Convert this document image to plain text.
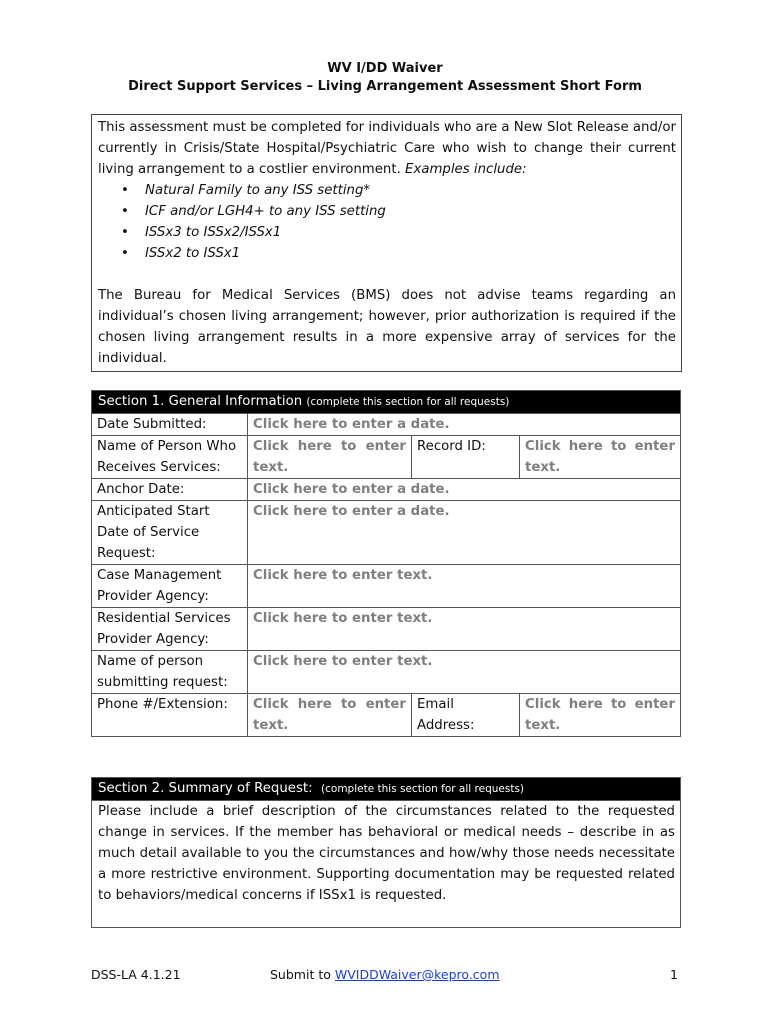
WV I/DD Waiver
Direct Support Services – Living Arrangement Assessment Short Form

This assessment must be completed for individuals who are a New Slot Release and/or currently in Crisis/State Hospital/Psychiatric Care who wish to change their current living arrangement to a costlier environment. Examples include:

• Natural Family to any ISS setting*
• ICF and/or LGH4+ to any ISS setting
• ISSx3 to ISSx2/ISSx1
• ISSx2 to ISSx1

The Bureau for Medical Services (BMS) does not advise teams regarding an individual’s chosen living arrangement; however, prior authorization is required if the chosen living arrangement results in a more expensive array of services for the individual.

Section 1. General Information (complete this section for all requests)			
Date Submitted:	Click here to enter a date.		
Name of Person Who Receives Services:	Click here to enter text.	Record ID:	Click here to enter text.
Anchor Date:	Click here to enter a date.		
Anticipated Start Date of Service Request:	Click here to enter a date.		
Case Management Provider Agency:	Click here to enter text.		
Residential Services Provider Agency:	Click here to enter text.		
Name of person submitting request:	Click here to enter text.		
Phone #/Extension:	Click here to enter text.	Email Address:	Click here to enter text.
Section 2. Summary of Request: (complete this section for all requests)
Please include a brief description of the circumstances related to the requested change in services. If the member has behavioral or medical needs – describe in as much detail available to you the circumstances and how/why those needs necessitate a more restrictive environment. Supporting documentation may be requested related to behaviors/medical concerns if ISSx1 is requested.
DSS-LA 4.1.21	Submit to WVIDDWaiver@kepro.com	1
